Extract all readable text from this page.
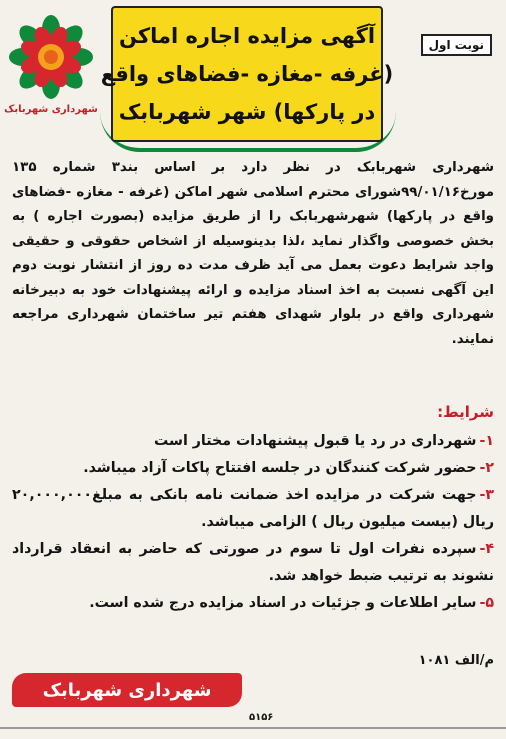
آگهی مزایده اجاره اماکن
(غرفه -مغازه -فضاهای واقع
در پارکها) شهر شهربابک
شهرداری شهربابک
نوبت اول

شهرداری شهربابک در نظر دارد بر اساس بند۳ شماره ۱۳۵ مورخ۹۹/۰۱/۱۶شورای محترم اسلامی شهر اماکن (غرفه - مغازه -فضاهای واقع در پارکها) شهرشهربابک را از طریق مزایده (بصورت اجاره ) به بخش خصوصی واگذار نماید ،لذا بدینوسیله از اشخاص حقوقی و حقیقی واجد شرایط دعوت بعمل می آید ظرف مدت ده روز از انتشار نوبت دوم این آگهی نسبت به اخذ اسناد مزایده و ارائه پیشنهادات خود به دبیرخانه شهرداری واقع در بلوار شهدای هفتم تیر ساختمان شهرداری مراجعه نمایند.

شرایط:
۱-شهرداری در رد یا قبول پیشنهادات مختار است
۲-حضور شرکت کنندگان در جلسه افتتاح پاکات آزاد میباشد.
۳-جهت شرکت در مزایده اخذ ضمانت نامه بانکی به مبلغ۲۰,۰۰۰,۰۰۰ ریال (بیست میلیون ریال ) الزامی میباشد.
۴-سپرده نفرات اول تا سوم در صورتی که حاضر به انعقاد قرارداد نشوند به ترتیب ضبط خواهد شد.
۵-سایر اطلاعات و جزئیات در اسناد مزایده درج شده است.
م/الف ۱۰۸۱
شهرداری شهربابک
۵۱۵۶
